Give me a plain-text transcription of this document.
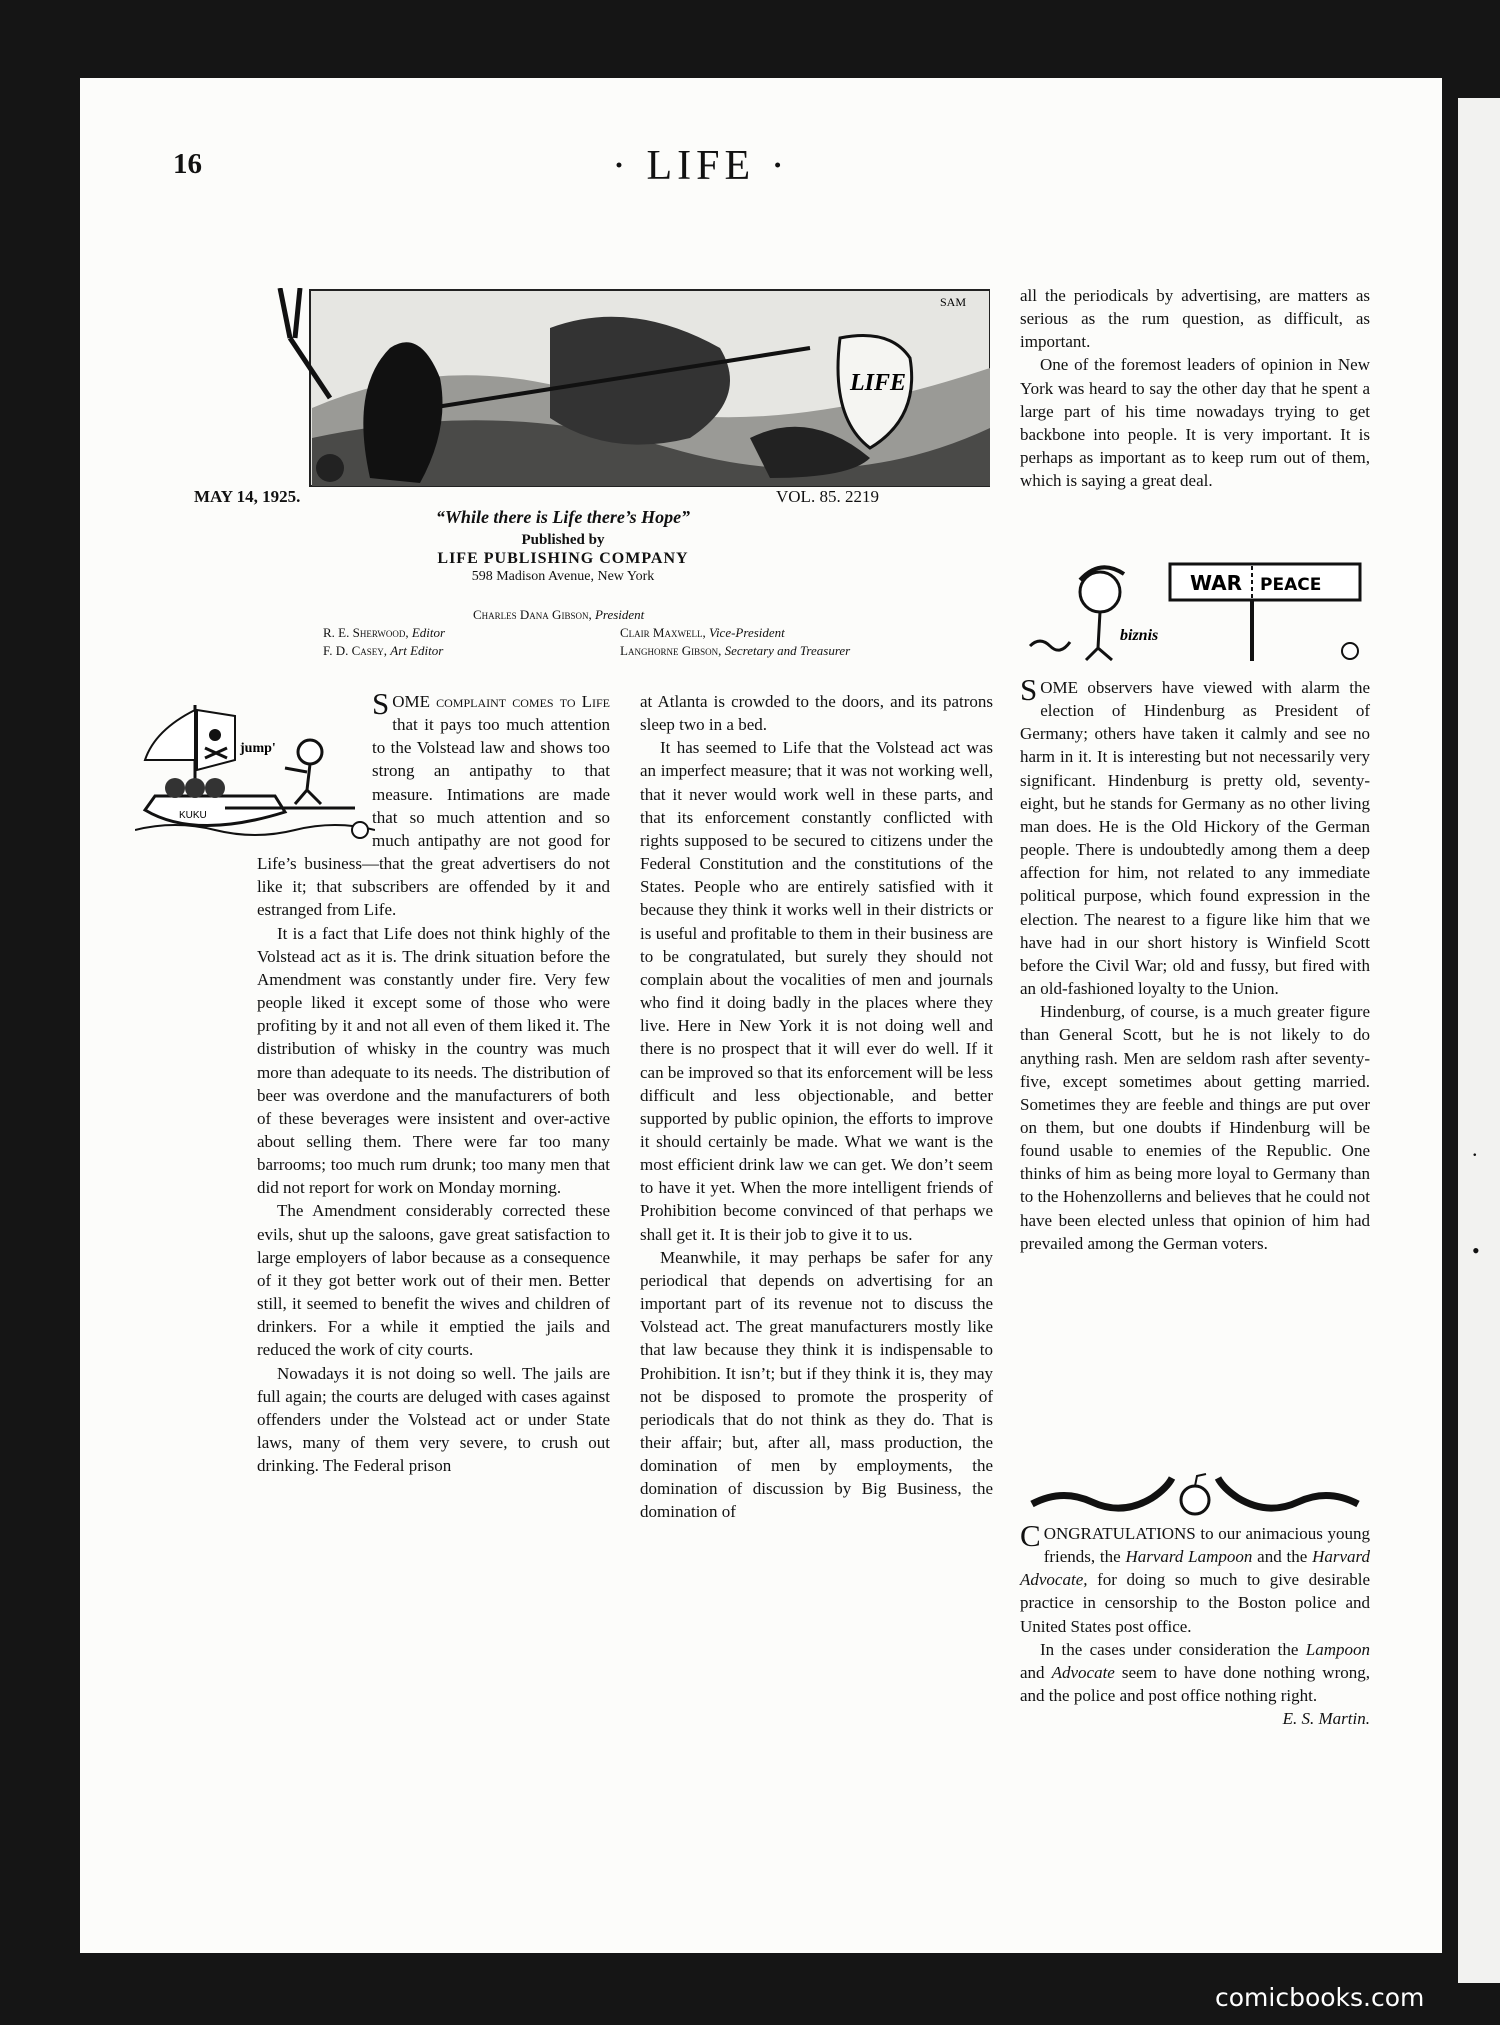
.
•
16	· LIFE ·
LIFE
SAM
MAY 14, 1925.	VOL. 85. 2219
“While there is Life there’s Hope”
Published by
LIFE PUBLISHING COMPANY
598 Madison Avenue, New York
Charles Dana Gibson, President
R. E. Sherwood, Editor
F. D. Casey, Art Editor
Clair Maxwell, Vice-President
Langhorne Gibson, Secretary and Treasurer
jump'
KUKU

SOME complaint comes to Life that it pays too much attention to the Volstead law and shows too strong an antipathy to that measure. Intimations are made that so much attention and so much antipathy are not good for Life’s business—that the great advertisers do not like it; that subscribers are offended by it and estranged from Life.

It is a fact that Life does not think highly of the Volstead act as it is. The drink situation before the Amendment was constantly under fire. Very few people liked it except some of those who were profiting by it and not all even of them liked it. The distribution of whisky in the country was much more than adequate to its needs. The distribution of beer was overdone and the manufacturers of both of these beverages were insistent and over-active about selling them. There were far too many barrooms; too much rum drunk; too many men that did not report for work on Monday morning.

The Amendment considerably corrected these evils, shut up the saloons, gave great satisfaction to large employers of labor because as a consequence of it they got better work out of their men. Better still, it seemed to benefit the wives and children of drinkers. For a while it emptied the jails and reduced the work of city courts.

Nowadays it is not doing so well. The jails are full again; the courts are deluged with cases against offenders under the Volstead act or under State laws, many of them very severe, to crush out drinking. The Federal prison

at Atlanta is crowded to the doors, and its patrons sleep two in a bed.

It has seemed to Life that the Volstead act was an imperfect measure; that it was not working well, that it never would work well in these parts, and that its enforcement constantly conflicted with rights supposed to be secured to citizens under the Federal Constitution and the constitutions of the States. People who are entirely satisfied with it because they think it works well in their districts or is useful and profitable to them in their business are to be congratulated, but surely they should not complain about the vocalities of men and journals who find it doing badly in the places where they live. Here in New York it is not doing well and there is no prospect that it will ever do well. If it can be improved so that its enforcement will be less difficult and less objectionable, and better supported by public opinion, the efforts to improve it should certainly be made. What we want is the most efficient drink law we can get. We don’t seem to have it yet. When the more intelligent friends of Prohibition become convinced of that perhaps we shall get it. It is their job to give it to us.

Meanwhile, it may perhaps be safer for any periodical that depends on advertising for an important part of its revenue not to discuss the Volstead act. The great manufacturers mostly like that law because they think it is indispensable to Prohibition. It isn’t; but if they think it is, they may not be disposed to promote the prosperity of periodicals that do not think as they do. That is their affair; but, after all, mass production, the domination of men by employments, the domination of discussion by Big Business, the domination of

all the periodicals by advertising, are matters as serious as the rum question, as difficult, as important.

One of the foremost leaders of opinion in New York was heard to say the other day that he spent a large part of his time nowadays trying to get backbone into people. It is very important. It is perhaps as important as to keep rum out of them, which is saying a great deal.

WAR PEACE
biznis

SOME observers have viewed with alarm the election of Hindenburg as President of Germany; others have taken it calmly and see no harm in it. It is interesting but not necessarily very significant. Hindenburg is pretty old, seventy-eight, but he stands for Germany as no other living man does. He is the Old Hickory of the German people. There is undoubtedly among them a deep affection for him, not related to any immediate political purpose, which found expression in the election. The nearest to a figure like him that we have had in our short history is Winfield Scott before the Civil War; old and fussy, but fired with an old-fashioned loyalty to the Union.

Hindenburg, of course, is a much greater figure than General Scott, but he is not likely to do anything rash. Men are seldom rash after seventy-five, except sometimes about getting married. Sometimes they are feeble and things are put over on them, but one doubts if Hindenburg will be found usable to enemies of the Republic. One thinks of him as being more loyal to Germany than to the Hohenzollerns and believes that he could not have been elected unless that opinion of him had prevailed among the German voters.

CONGRATULATIONS to our animacious young friends, the Harvard Lampoon and the Harvard Advocate, for doing so much to give desirable practice in censorship to the Boston police and United States post office.

In the cases under consideration the Lampoon and Advocate seem to have done nothing wrong, and the police and post office nothing right.

E. S. Martin.

comicbooks.com
